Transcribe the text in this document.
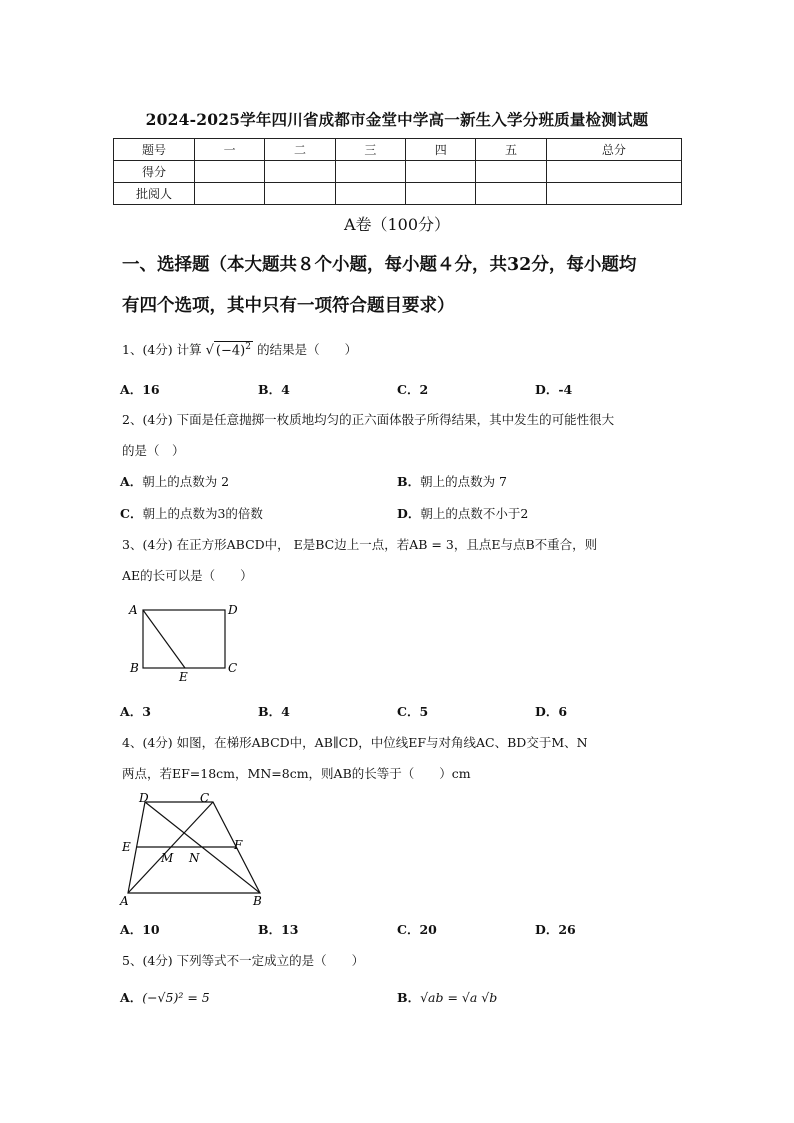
2024-2025学年四川省成都市金堂中学高一新生入学分班质量检测试题
题号	一	二	三	四	五	总分
得分						
批阅人						
A卷（100分）
一、选择题（本大题共８个小题，每小题４分，共32分，每小题均
有四个选项，其中只有一项符合题目要求）
1、(4分) 计算 √ $(-4)^2$ 的结果是（　　）
A．16	B．4	C．2	D．-4
2、(4分) 下面是任意抛掷一枚质地均匀的正六面体骰子所得结果，其中发生的可能性很大
的是（　）
A．朝上的点数为 2	B．朝上的点数为 7
C．朝上的点数为3的倍数	D．朝上的点数不小于2
3、(4分) 在正方形ABCD中， E是BC边上一点，若AB = 3，且点E与点B不重合，则
AE的长可以是（　　）
A	D
B	C
E
A．3	B．4	C．5	D．6
4、(4分) 如图，在梯形ABCD中，AB∥CD，中位线EF与对角线AC、BD交于M、N
两点，若EF=18cm，MN=8cm，则AB的长等于（　　）cm
D	C
E	F
M N
A	B
A．10	B．13	C．20	D．26
5、(4分) 下列等式不一定成立的是（　　）
A．(−√5)² = 5	B．√ab = √a √b
